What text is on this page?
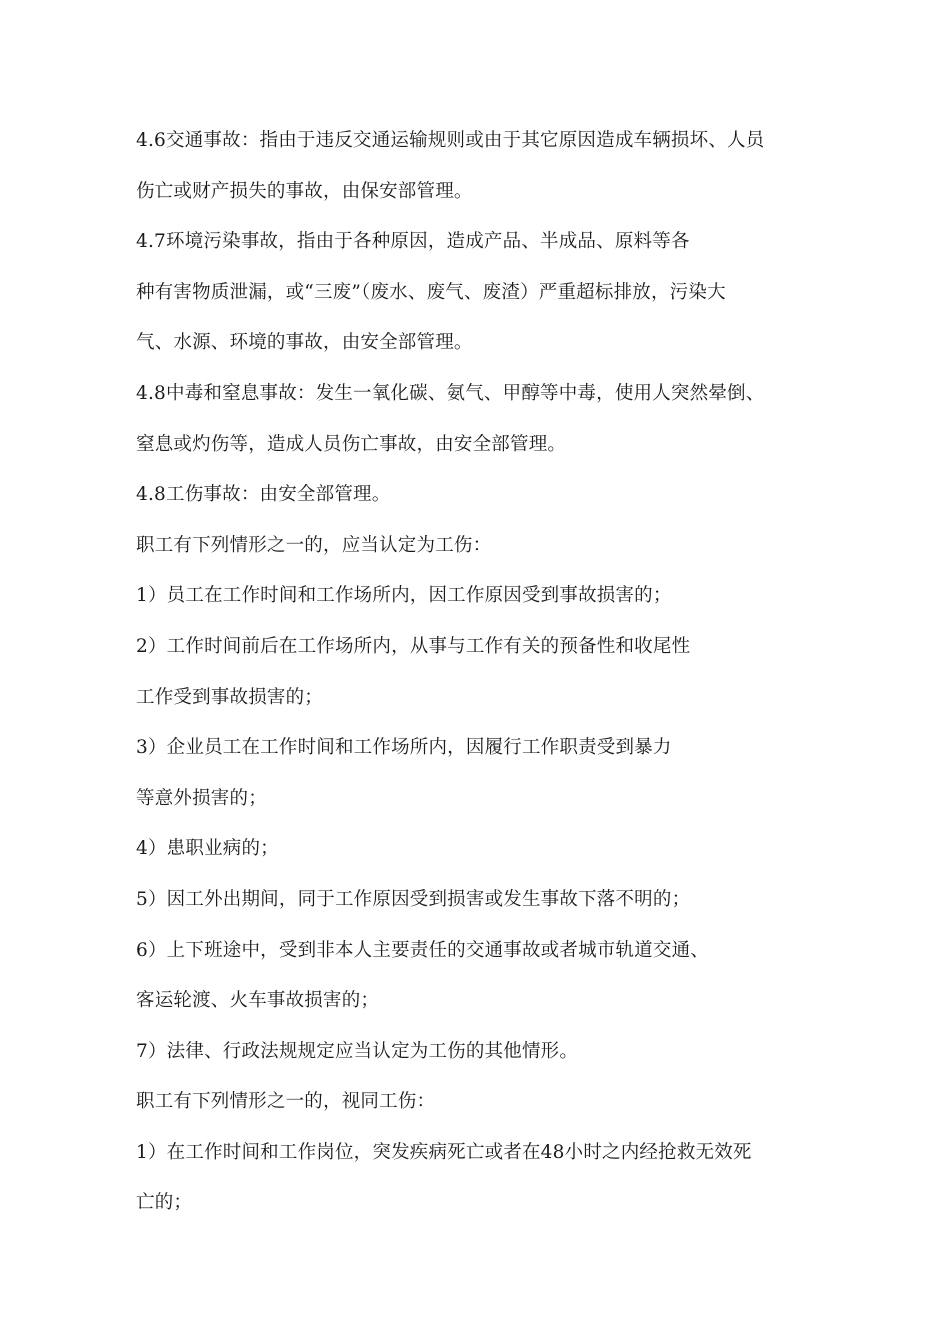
4.6交通事故：指由于违反交通运输规则或由于其它原因造成车辆损坏、人员
伤亡或财产损失的事故，由保安部管理。
4.7环境污染事故，指由于各种原因，造成产品、半成品、原料等各
种有害物质泄漏，或“三废”（废水、废气、废渣）严重超标排放，污染大
气、水源、环境的事故，由安全部管理。
4.8中毒和窒息事故：发生一氧化碳、氨气、甲醇等中毒，使用人突然晕倒、
窒息或灼伤等，造成人员伤亡事故，由安全部管理。
4.8工伤事故：由安全部管理。
职工有下列情形之一的，应当认定为工伤：
1）员工在工作时间和工作场所内，因工作原因受到事故损害的；
2）工作时间前后在工作场所内，从事与工作有关的预备性和收尾性
工作受到事故损害的；
3）企业员工在工作时间和工作场所内，因履行工作职责受到暴力
等意外损害的；
4）患职业病的；
5）因工外出期间，同于工作原因受到损害或发生事故下落不明的；
6）上下班途中，受到非本人主要责任的交通事故或者城市轨道交通、
客运轮渡、火车事故损害的；
7）法律、行政法规规定应当认定为工伤的其他情形。
职工有下列情形之一的，视同工伤：
1）在工作时间和工作岗位，突发疾病死亡或者在48小时之内经抢救无效死
亡的；
